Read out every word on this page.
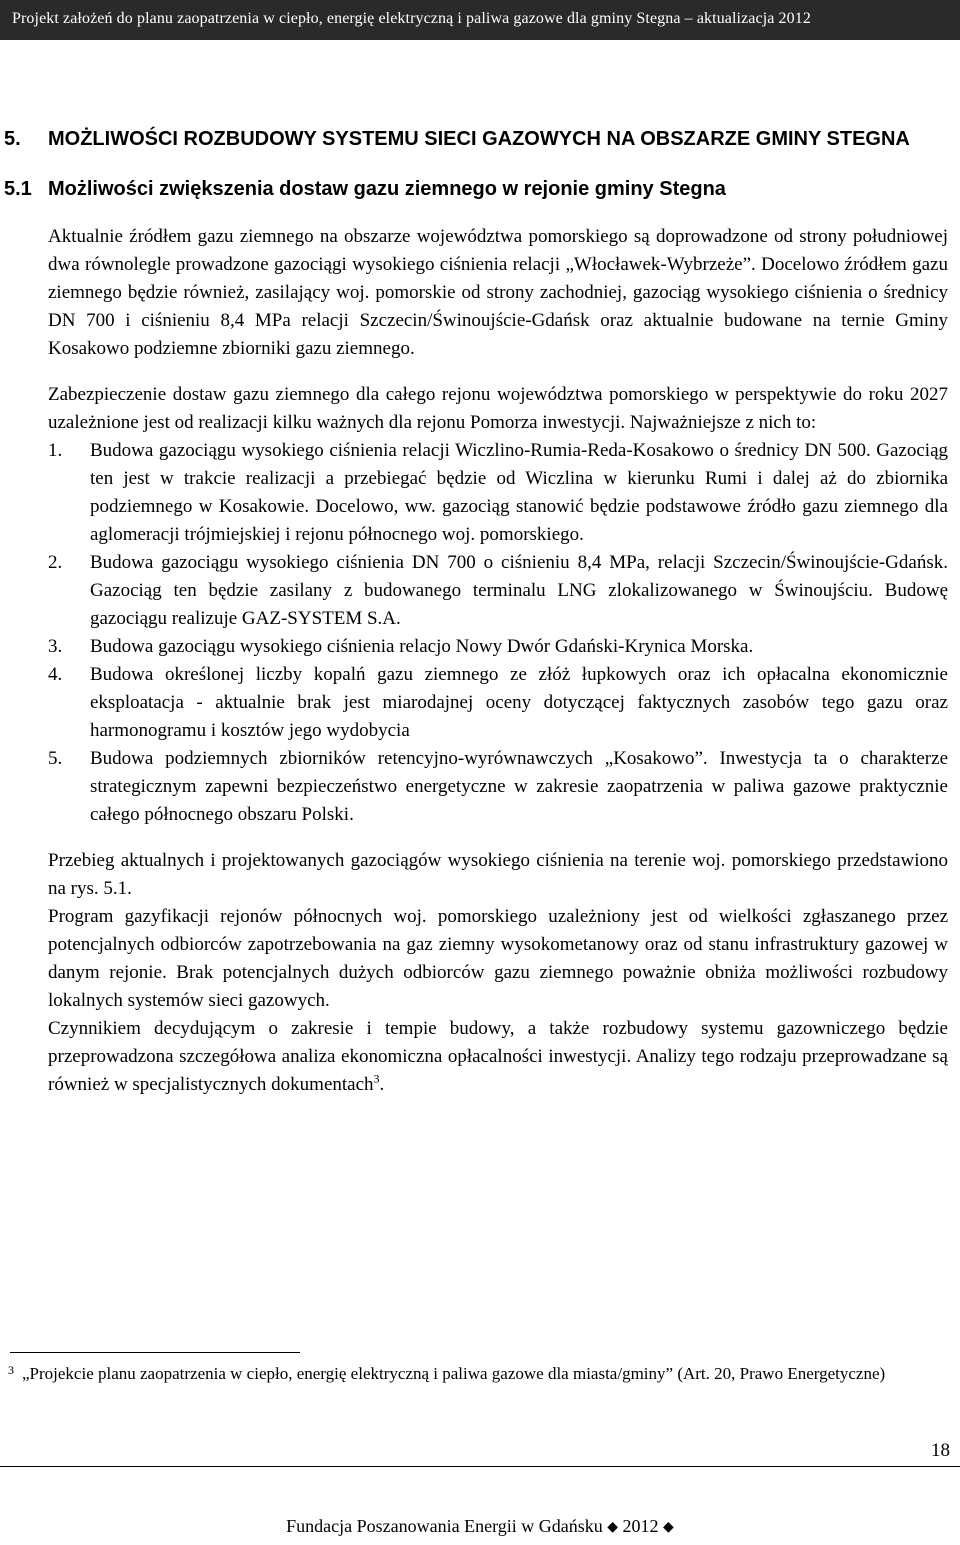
Projekt założeń do planu zaopatrzenia w ciepło, energię elektryczną i paliwa gazowe dla gminy Stegna – aktualizacja 2012
5. MOŻLIWOŚCI ROZBUDOWY SYSTEMU SIECI GAZOWYCH NA OBSZARZE GMINY STEGNA
5.1 Możliwości zwiększenia dostaw gazu ziemnego w rejonie gminy Stegna

Aktualnie źródłem gazu ziemnego na obszarze województwa pomorskiego są doprowadzone od strony południowej dwa równolegle prowadzone gazociągi wysokiego ciśnienia relacji „Włocławek-Wybrzeże”. Docelowo źródłem gazu ziemnego będzie również, zasilający woj. pomorskie od strony zachodniej, gazociąg wysokiego ciśnienia o średnicy DN 700 i ciśnieniu 8,4 MPa relacji Szczecin/Świnoujście-Gdańsk oraz aktualnie budowane na ternie Gminy Kosakowo podziemne zbiorniki gazu ziemnego.

Zabezpieczenie dostaw gazu ziemnego dla całego rejonu województwa pomorskiego w perspektywie do roku 2027 uzależnione jest od realizacji kilku ważnych dla rejonu Pomorza inwestycji. Najważniejsze z nich to:

1. Budowa gazociągu wysokiego ciśnienia relacji Wiczlino-Rumia-Reda-Kosakowo o średnicy DN 500. Gazociąg ten jest w trakcie realizacji a przebiegać będzie od Wiczlina w kierunku Rumi i dalej aż do zbiornika podziemnego w Kosakowie. Docelowo, ww. gazociąg stanowić będzie podstawowe źródło gazu ziemnego dla aglomeracji trójmiejskiej i rejonu północnego woj. pomorskiego.
2. Budowa gazociągu wysokiego ciśnienia DN 700 o ciśnieniu 8,4 MPa, relacji Szczecin/Świnoujście-Gdańsk. Gazociąg ten będzie zasilany z budowanego terminalu LNG zlokalizowanego w Świnoujściu. Budowę gazociągu realizuje GAZ-SYSTEM S.A.
3. Budowa gazociągu wysokiego ciśnienia relacjo Nowy Dwór Gdański-Krynica Morska.
4. Budowa określonej liczby kopalń gazu ziemnego ze złóż łupkowych oraz ich opłacalna ekonomicznie eksploatacja - aktualnie brak jest miarodajnej oceny dotyczącej faktycznych zasobów tego gazu oraz harmonogramu i kosztów jego wydobycia
5. Budowa podziemnych zbiorników retencyjno-wyrównawczych „Kosakowo”. Inwestycja ta o charakterze strategicznym zapewni bezpieczeństwo energetyczne w zakresie zaopatrzenia w paliwa gazowe praktycznie całego północnego obszaru Polski.

Przebieg aktualnych i projektowanych gazociągów wysokiego ciśnienia na terenie woj. pomorskiego przedstawiono na rys. 5.1.

Program gazyfikacji rejonów północnych woj. pomorskiego uzależniony jest od wielkości zgłaszanego przez potencjalnych odbiorców zapotrzebowania na gaz ziemny wysokometanowy oraz od stanu infrastruktury gazowej w danym rejonie. Brak potencjalnych dużych odbiorców gazu ziemnego poważnie obniża możliwości rozbudowy lokalnych systemów sieci gazowych.

Czynnikiem decydującym o zakresie i tempie budowy, a także rozbudowy systemu gazowniczego będzie przeprowadzona szczegółowa analiza ekonomiczna opłacalności inwestycji. Analizy tego rodzaju przeprowadzane są również w specjalistycznych dokumentach$^3$.

3 „Projekcie planu zaopatrzenia w ciepło, energię elektryczną i paliwa gazowe dla miasta/gminy” (Art. 20, Prawo Energetyczne)
18
Fundacja Poszanowania Energii w Gdańsku ◆ 2012 ◆
